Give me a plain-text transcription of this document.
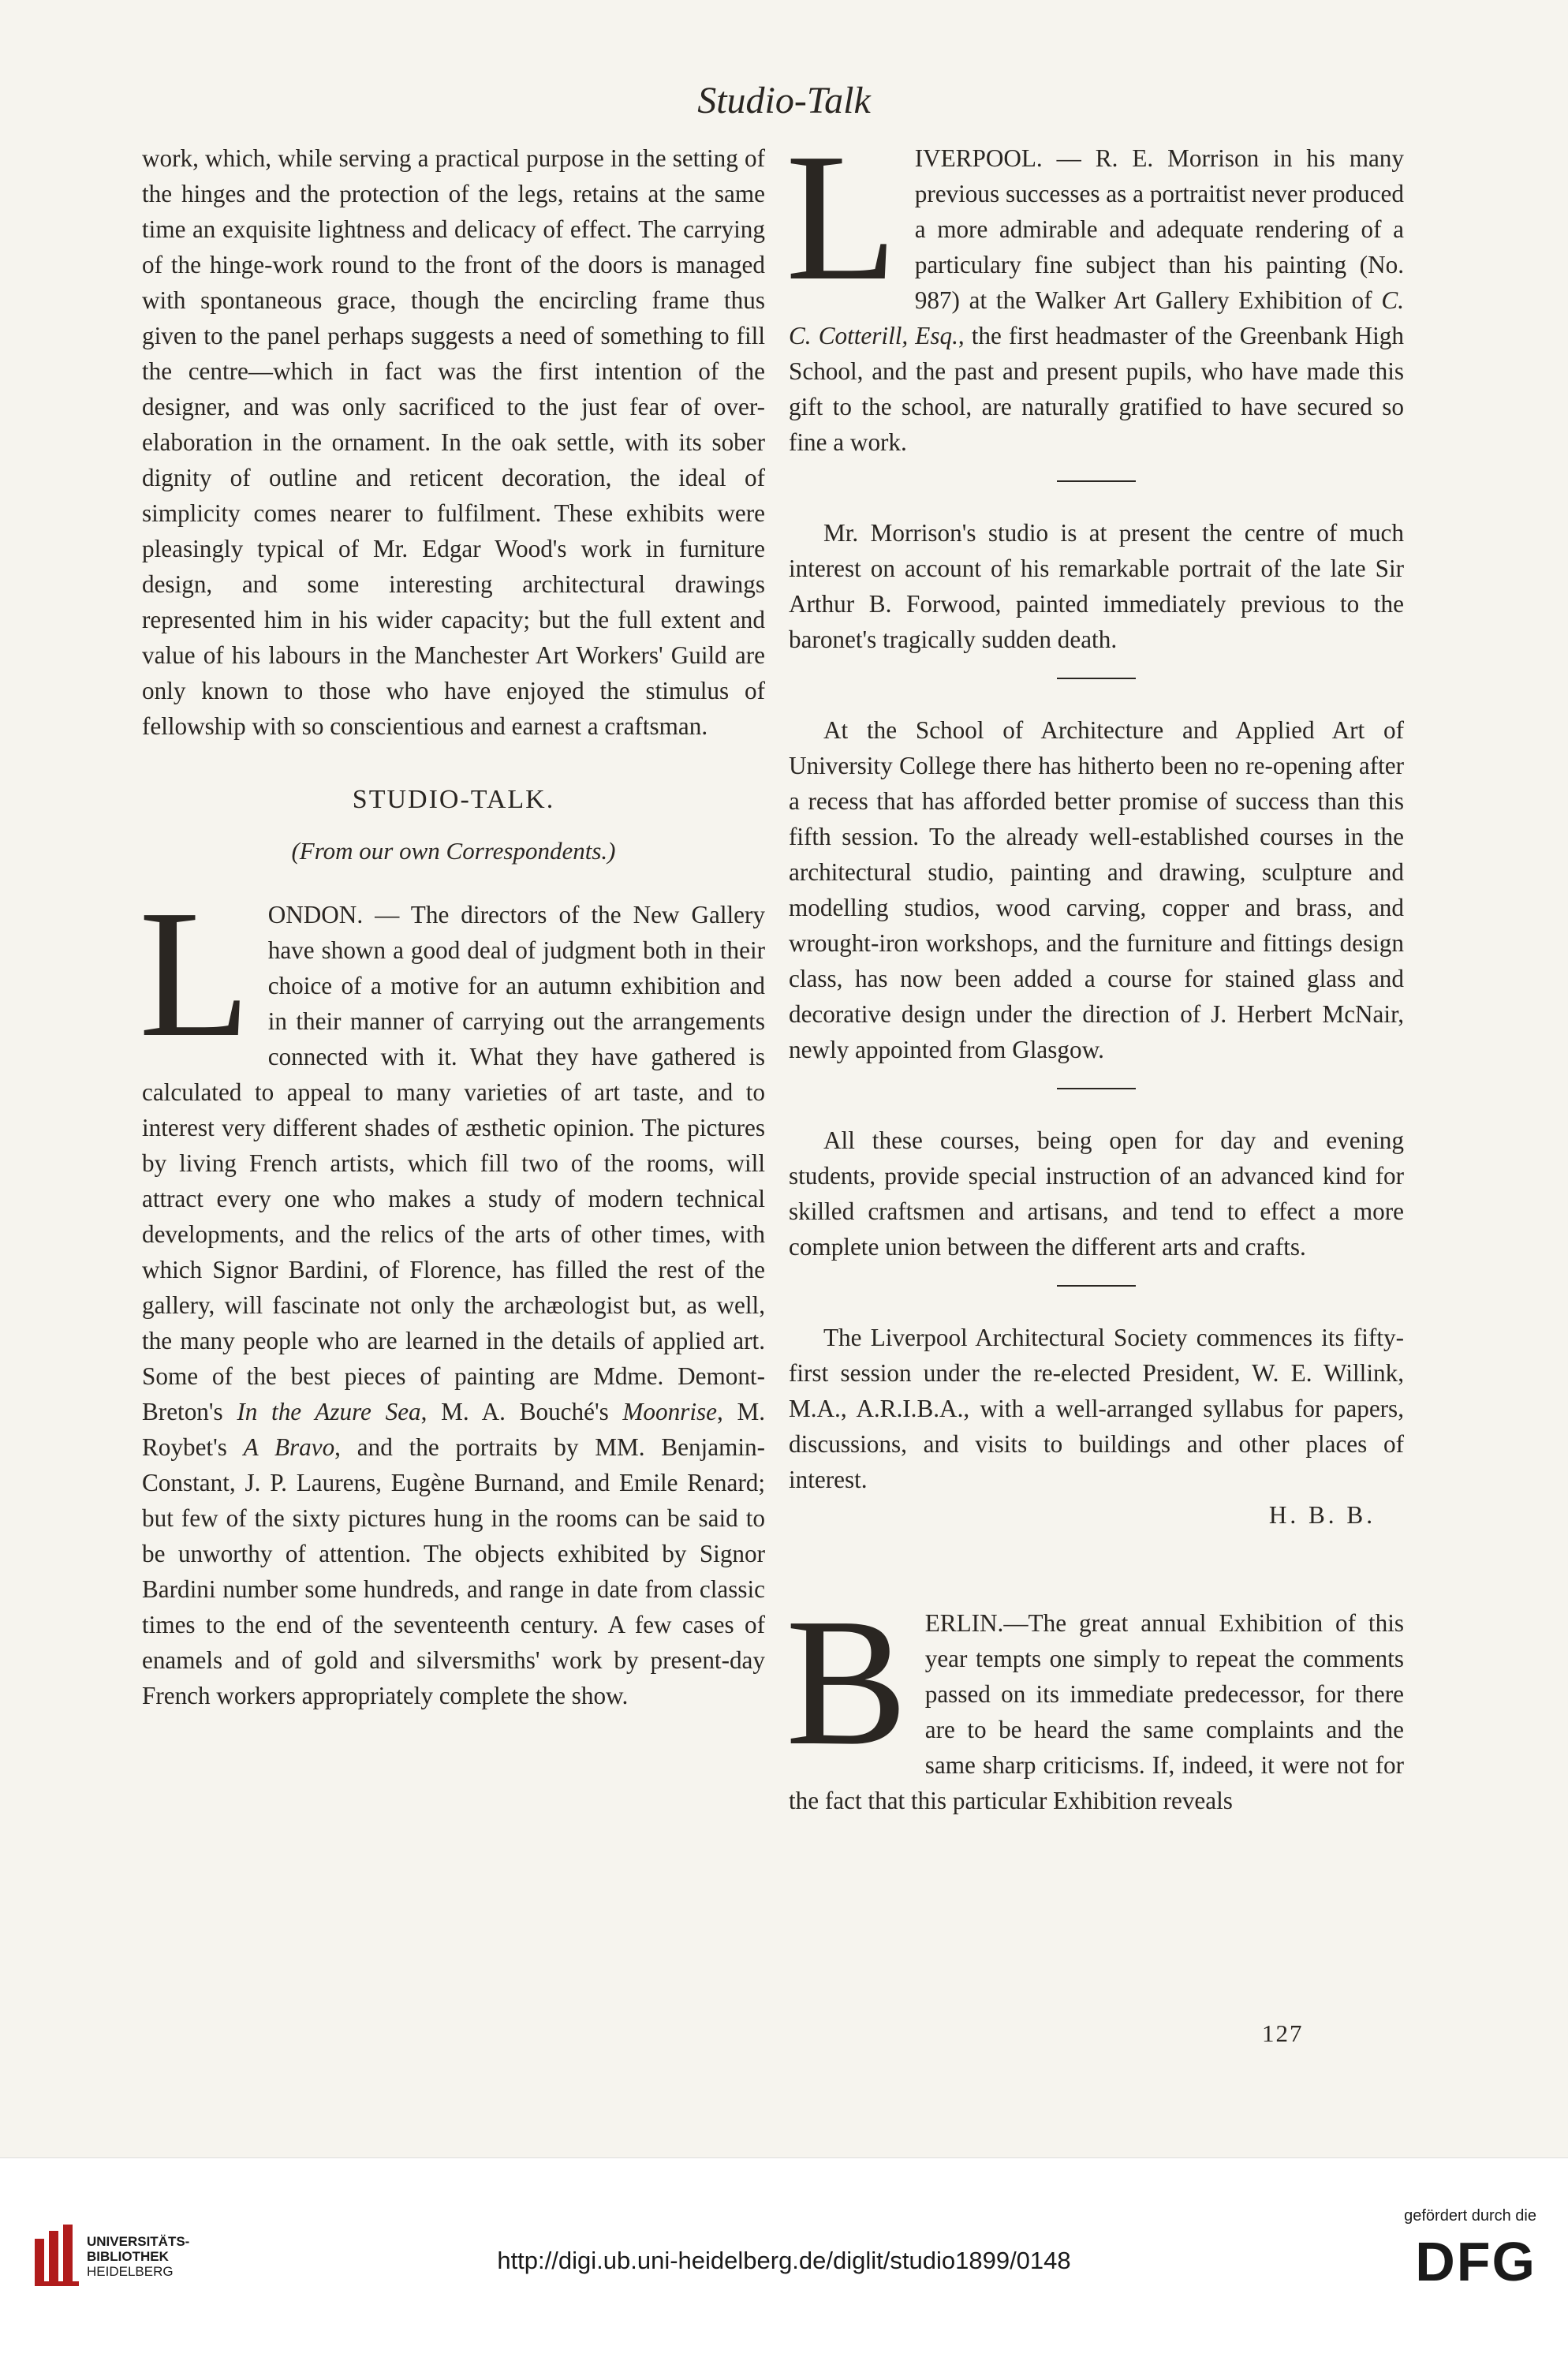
Studio-Talk

work, which, while serving a practical purpose in the setting of the hinges and the protection of the legs, retains at the same time an exquisite lightness and delicacy of effect. The carrying of the hinge-work round to the front of the doors is managed with spontaneous grace, though the encircling frame thus given to the panel perhaps suggests a need of something to fill the centre—which in fact was the first intention of the designer, and was only sacrificed to the just fear of over-elaboration in the ornament. In the oak settle, with its sober dignity of outline and reticent decoration, the ideal of simplicity comes nearer to fulfilment. These exhibits were pleasingly typical of Mr. Edgar Wood's work in furniture design, and some interesting architectural drawings represented him in his wider capacity; but the full extent and value of his labours in the Manchester Art Workers' Guild are only known to those who have enjoyed the stimulus of fellowship with so conscientious and earnest a craftsman.

STUDIO-TALK.
(From our own Correspondents.)
L ONDON. — The directors of the New Gallery have shown a good deal of judgment both in their choice of a motive for an autumn exhibition and in their manner of carrying out the arrangements connected with it. What they have gathered is calculated to appeal to many varieties of art taste, and to interest very different shades of æsthetic opinion. The pictures by living French artists, which fill two of the rooms, will attract every one who makes a study of modern technical developments, and the relics of the arts of other times, with which Signor Bardini, of Florence, has filled the rest of the gallery, will fascinate not only the archæologist but, as well, the many people who are learned in the details of applied art. Some of the best pieces of painting are Mdme. Demont-Breton's In the Azure Sea, M. A. Bouché's Moonrise, M. Roybet's A Bravo, and the portraits by MM. Benjamin-Constant, J. P. Laurens, Eugène Burnand, and Emile Renard; but few of the sixty pictures hung in the rooms can be said to be unworthy of attention. The objects exhibited by Signor Bardini number some hundreds, and range in date from classic times to the end of the seventeenth century. A few cases of enamels and of gold and silversmiths' work by present-day French workers appropriately complete the show.

L IVERPOOL. — R. E. Morrison in his many previous successes as a portraitist never produced a more admirable and adequate rendering of a particulary fine subject than his painting (No. 987) at the Walker Art Gallery Exhibition of C. C. Cotterill, Esq., the first headmaster of the Greenbank High School, and the past and present pupils, who have made this gift to the school, are naturally gratified to have secured so fine a work.

Mr. Morrison's studio is at present the centre of much interest on account of his remarkable portrait of the late Sir Arthur B. Forwood, painted immediately previous to the baronet's tragically sudden death.

At the School of Architecture and Applied Art of University College there has hitherto been no re-opening after a recess that has afforded better promise of success than this fifth session. To the already well-established courses in the architectural studio, painting and drawing, sculpture and modelling studios, wood carving, copper and brass, and wrought-iron workshops, and the furniture and fittings design class, has now been added a course for stained glass and decorative design under the direction of J. Herbert McNair, newly appointed from Glasgow.

All these courses, being open for day and evening students, provide special instruction of an advanced kind for skilled craftsmen and artisans, and tend to effect a more complete union between the different arts and crafts.

The Liverpool Architectural Society commences its fifty-first session under the re-elected President, W. E. Willink, M.A., A.R.I.B.A., with a well-arranged syllabus for papers, discussions, and visits to buildings and other places of interest.

H. B. B.

B ERLIN.—The great annual Exhibition of this year tempts one simply to repeat the comments passed on its immediate predecessor, for there are to be heard the same complaints and the same sharp criticisms. If, indeed, it were not for the fact that this particular Exhibition reveals

127
UNIVERSITÄTS-
BIBLIOTHEK
HEIDELBERG	http://digi.ub.uni-heidelberg.de/diglit/studio1899/0148
gefördert durch die
DFG
